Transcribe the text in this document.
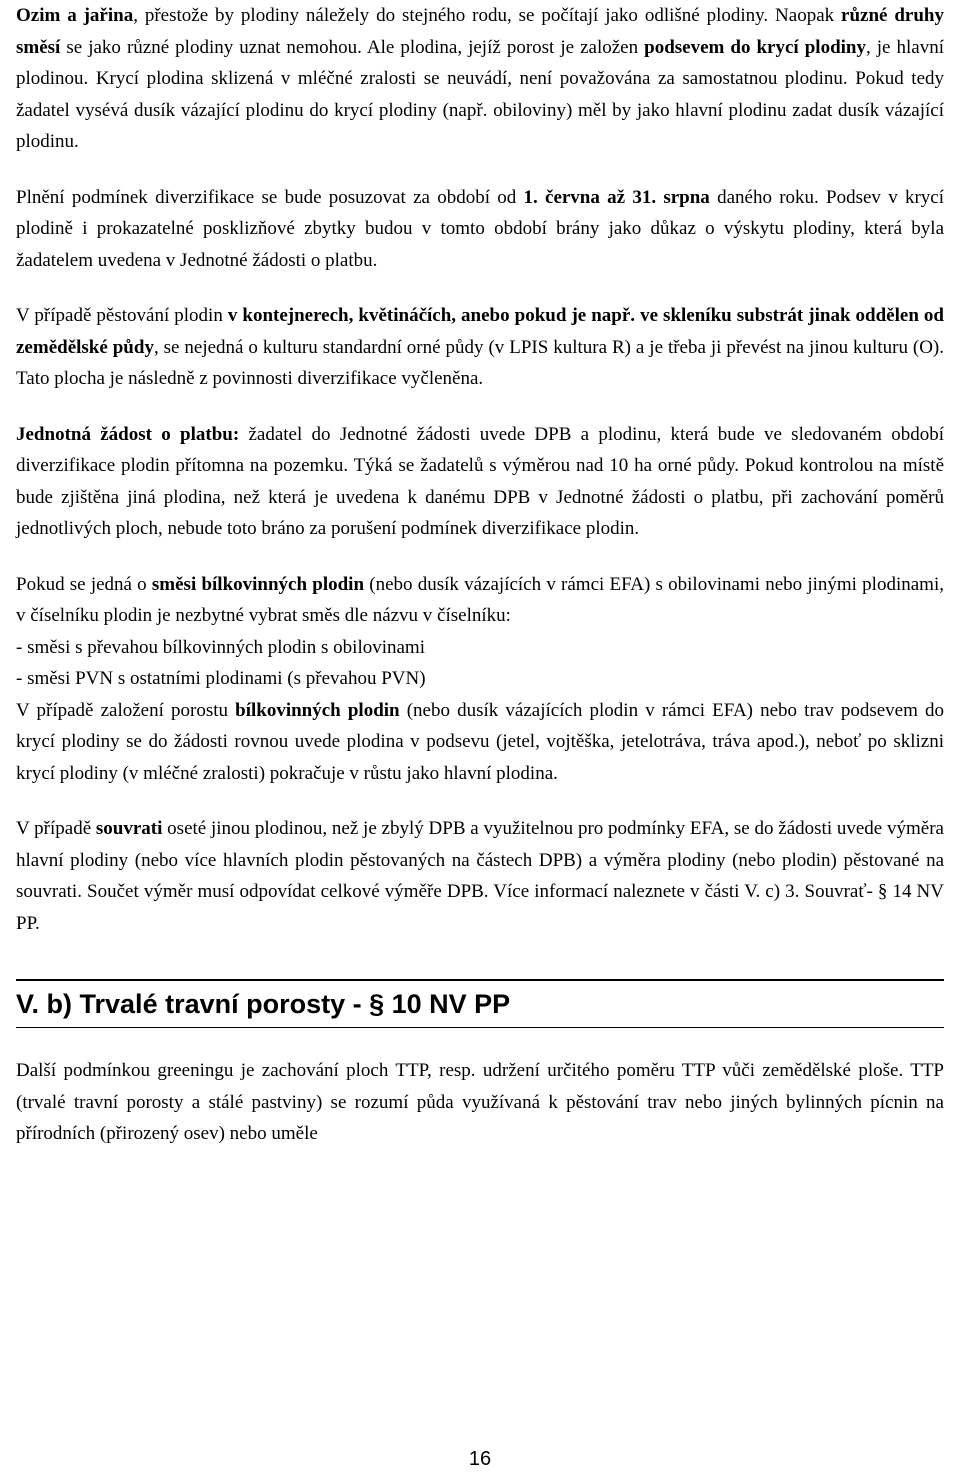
Ozim a jařina, přestože by plodiny náležely do stejného rodu, se počítají jako odlišné plodiny. Naopak různé druhy směsí se jako různé plodiny uznat nemohou. Ale plodina, jejíž porost je založen podsevem do krycí plodiny, je hlavní plodinou. Krycí plodina sklizená v mléčné zralosti se neuvádí, není považována za samostatnou plodinu. Pokud tedy žadatel vysévá dusík vázající plodinu do krycí plodiny (např. obiloviny) měl by jako hlavní plodinu zadat dusík vázající plodinu.

Plnění podmínek diverzifikace se bude posuzovat za období od 1. června až 31. srpna daného roku. Podsev v krycí plodině i prokazatelné posklizňové zbytky budou v tomto období brány jako důkaz o výskytu plodiny, která byla žadatelem uvedena v Jednotné žádosti o platbu.

V případě pěstování plodin v kontejnerech, květináčích, anebo pokud je např. ve skleníku substrát jinak oddělen od zemědělské půdy, se nejedná o kulturu standardní orné půdy (v LPIS kultura R) a je třeba ji převést na jinou kulturu (O). Tato plocha je následně z povinnosti diverzifikace vyčleněna.

Jednotná žádost o platbu: žadatel do Jednotné žádosti uvede DPB a plodinu, která bude ve sledovaném období diverzifikace plodin přítomna na pozemku. Týká se žadatelů s výměrou nad 10 ha orné půdy. Pokud kontrolou na místě bude zjištěna jiná plodina, než která je uvedena k danému DPB v Jednotné žádosti o platbu, při zachování poměrů jednotlivých ploch, nebude toto bráno za porušení podmínek diverzifikace plodin.

Pokud se jedná o směsi bílkovinných plodin (nebo dusík vázajících v rámci EFA) s obilovinami nebo jinými plodinami, v číselníku plodin je nezbytné vybrat směs dle názvu v číselníku:
- směsi s převahou bílkovinných plodin s obilovinami
- směsi PVN s ostatními plodinami (s převahou PVN)
V případě založení porostu bílkovinných plodin (nebo dusík vázajících plodin v rámci EFA) nebo trav podsevem do krycí plodiny se do žádosti rovnou uvede plodina v podsevu (jetel, vojtěška, jetelotráva, tráva apod.), neboť po sklizni krycí plodiny (v mléčné zralosti) pokračuje v růstu jako hlavní plodina.

V případě souvrati oseté jinou plodinou, než je zbylý DPB a využitelnou pro podmínky EFA, se do žádosti uvede výměra hlavní plodiny (nebo více hlavních plodin pěstovaných na částech DPB) a výměra plodiny (nebo plodin) pěstované na souvrati. Součet výměr musí odpovídat celkové výměře DPB. Více informací naleznete v části V. c) 3. Souvrať- § 14 NV PP.

V. b) Trvalé travní porosty - § 10 NV PP

Další podmínkou greeningu je zachování ploch TTP, resp. udržení určitého poměru TTP vůči zemědělské ploše. TTP (trvalé travní porosty a stálé pastviny) se rozumí půda využívaná k pěstování trav nebo jiných bylinných pícnin na přírodních (přirozený osev) nebo uměle

16
